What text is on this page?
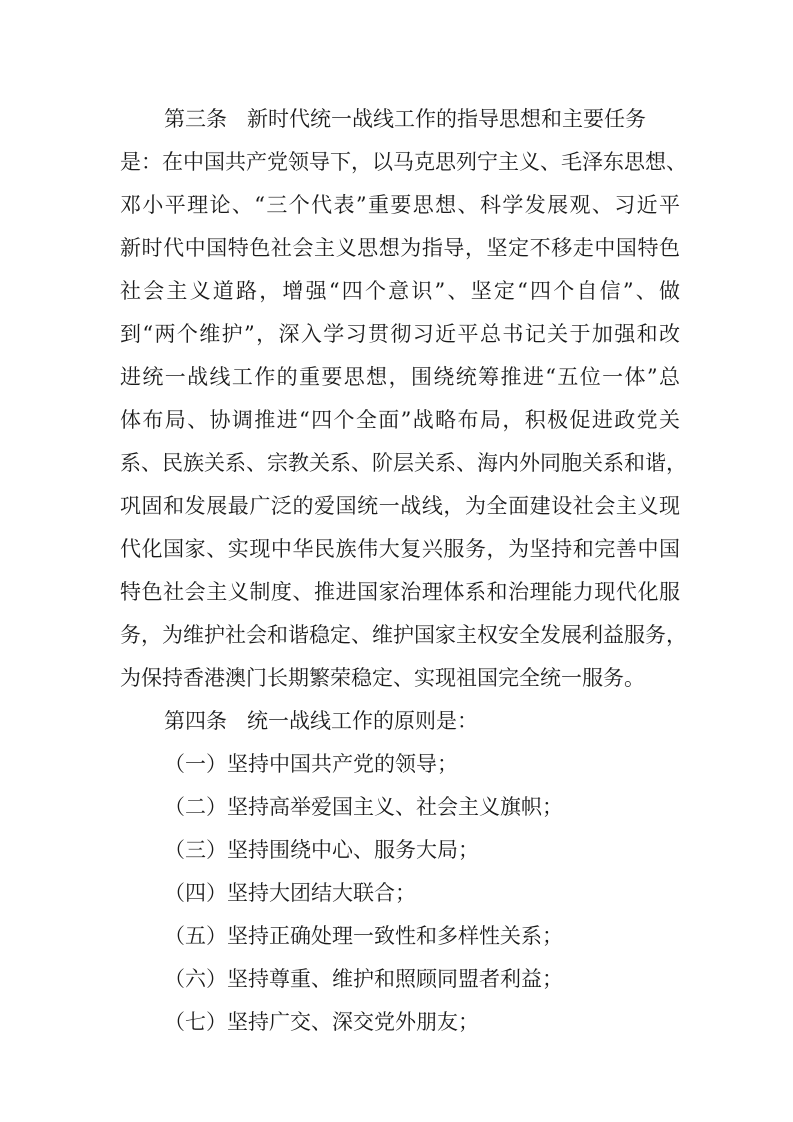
第三条 新时代统一战线工作的指导思想和主要任务

是：在中国共产党领导下，以马克思列宁主义、毛泽东思想、

邓小平理论、“三个代表”重要思想、科学发展观、习近平

新时代中国特色社会主义思想为指导，坚定不移走中国特色

社会主义道路，增强“四个意识”、坚定“四个自信”、做

到“两个维护”，深入学习贯彻习近平总书记关于加强和改

进统一战线工作的重要思想，围绕统筹推进“五位一体”总

体布局、协调推进“四个全面”战略布局，积极促进政党关

系、民族关系、宗教关系、阶层关系、海内外同胞关系和谐，

巩固和发展最广泛的爱国统一战线，为全面建设社会主义现

代化国家、实现中华民族伟大复兴服务，为坚持和完善中国

特色社会主义制度、推进国家治理体系和治理能力现代化服

务，为维护社会和谐稳定、维护国家主权安全发展利益服务，

为保持香港澳门长期繁荣稳定、实现祖国完全统一服务。

第四条 统一战线工作的原则是：

（一）坚持中国共产党的领导；

（二）坚持高举爱国主义、社会主义旗帜；

（三）坚持围绕中心、服务大局；

（四）坚持大团结大联合；

（五）坚持正确处理一致性和多样性关系；

（六）坚持尊重、维护和照顾同盟者利益；

（七）坚持广交、深交党外朋友；
